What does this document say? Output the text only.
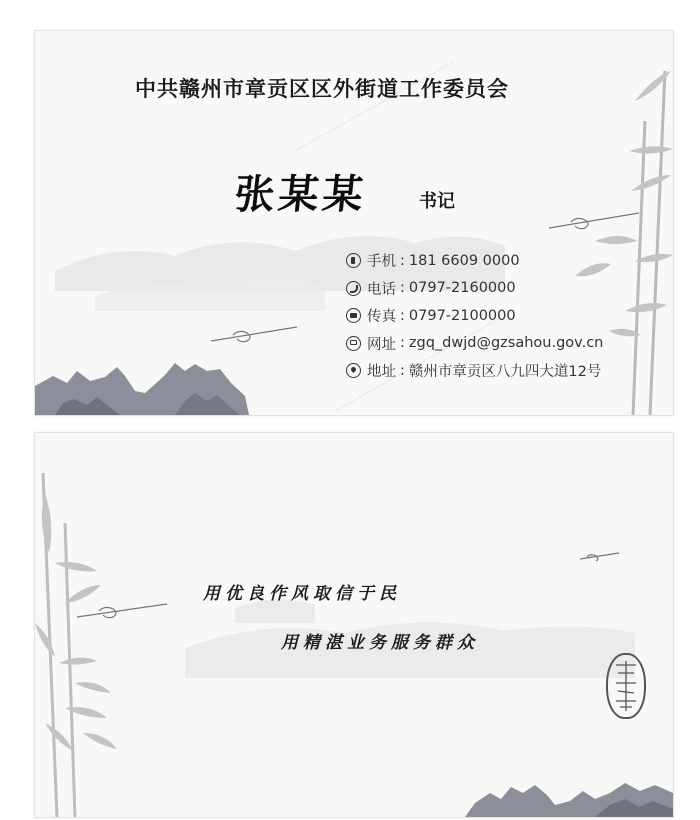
中共赣州市章贡区区外街道工作委员会
张某某	书记
手机 : 181 6609 0000
电话 : 0797-2160000
传真 : 0797-2100000
网址 : zgq_dwjd@gzsahou.gov.cn
地址 : 赣州市章贡区八九四大道12号
用优良作风取信于民
用精湛业务服务群众
